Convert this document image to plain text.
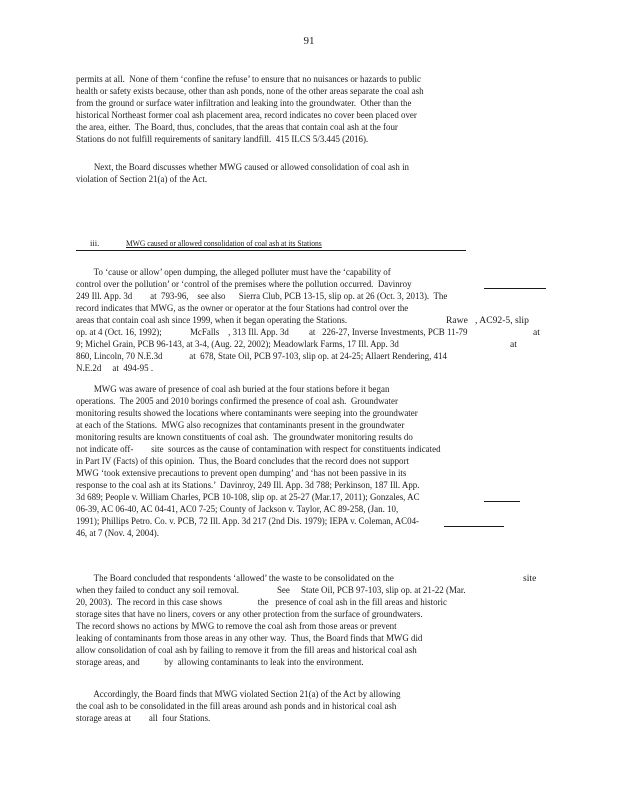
91
permits at all.  None of them ‘confine the refuse’ to ensure that no nuisances or hazards to public
health or safety exists because, other than ash ponds, none of the other areas separate the coal ash
from the ground or surface water infiltration and leaking into the groundwater.  Other than the
historical Northeast former coal ash placement area, record indicates no cover been placed over
the area, either.  The Board, thus, concludes, that the areas that contain coal ash at the four
Stations do not fulfill requirements of sanitary landfill.  415 ILCS 5/3.445 (2016).
Next, the Board discusses whether MWG caused or allowed consolidation of coal ash in
violation of Section 21(a) of the Act.
iii.	MWG caused or allowed consolidation of coal ash at its Stations
To ‘cause or allow’ open dumping, the alleged polluter must have the ‘capability of
control over the pollution’ or ‘control of the premises where the pollution occurred.  Davinroy
249 Ill. App. 3d        at  793-96,    see also      Sierra Club, PCB 13-15, slip op. at 26 (Oct. 3, 2013).  The
record indicates that MWG, as the owner or operator at the four Stations had control over the
areas that contain coal ash since 1999, when it began operating the Stations.	Rawe   , AC92-5, slip
op. at 4 (Oct. 16, 1992);	McFalls    , 313 Ill. App. 3d         at   226-27, Inverse Investments, PCB 11-79	at
9; Michel Grain, PCB 96-143, at 3-4, (Aug. 22, 2002); Meadowlark Farms, 17 Ill. App. 3d	at
860, Lincoln, 70 N.E.3d            at  678, State Oil, PCB 97-103, slip op. at 24-25; Allaert Rendering, 414
N.E.2d     at  494-95 .
MWG was aware of presence of coal ash buried at the four stations before it began
operations.  The 2005 and 2010 borings confirmed the presence of coal ash.  Groundwater
monitoring results showed the locations where contaminants were seeping into the groundwater
at each of the Stations.  MWG also recognizes that contaminants present in the groundwater
monitoring results are known constituents of coal ash.  The groundwater monitoring results do
not indicate off-        site  sources as the cause of contamination with respect for constituents indicated
in Part IV (Facts) of this opinion.  Thus, the Board concludes that the record does not support
MWG ‘took extensive precautions to prevent open dumping’ and ‘has not been passive in its
response to the coal ash at its Stations.’  Davinroy, 249 Ill. App. 3d 788; Perkinson, 187 Ill. App.
3d 689; People v. William Charles, PCB 10-108, slip op. at 25-27 (Mar.17, 2011); Gonzales, AC
06-39, AC 06-40, AC 04-41, AC0 7-25; County of Jackson v. Taylor, AC 89-258, (Jan. 10,
1991); Phillips Petro. Co. v. PCB, 72 Ill. App. 3d 217 (2nd Dis. 1979); IEPA v. Coleman, AC04-
46, at 7 (Nov. 4, 2004).
The Board concluded that respondents ‘allowed’ the waste to be consolidated on the	site
when they failed to conduct any soil removal.                 See     State Oil, PCB 97-103, slip op. at 21-22 (Mar.
20, 2003).  The record in this case shows                the   presence of coal ash in the fill areas and historic
storage sites that have no liners, covers or any other protection from the surface of groundwaters.
The record shows no actions by MWG to remove the coal ash from those areas or prevent
leaking of contaminants from those areas in any other way.  Thus, the Board finds that MWG did
allow consolidation of coal ash by failing to remove it from the fill areas and historical coal ash
storage areas, and           by  allowing contaminants to leak into the environment.
Accordingly, the Board finds that MWG violated Section 21(a) of the Act by allowing
the coal ash to be consolidated in the fill areas around ash ponds and in historical coal ash
storage areas at        all  four Stations.
